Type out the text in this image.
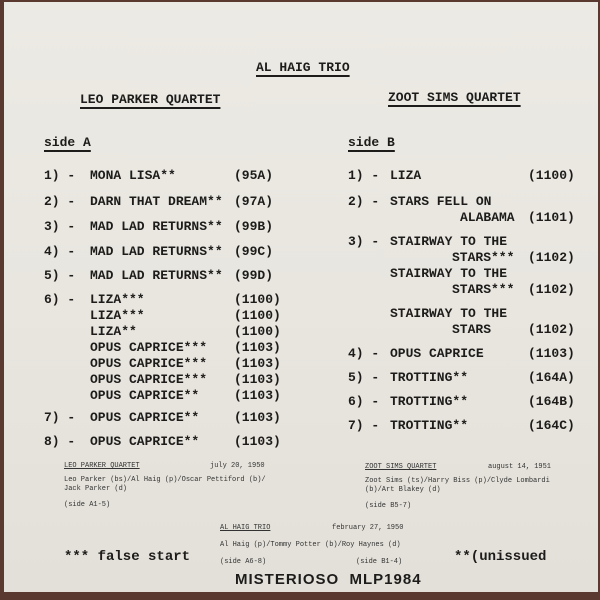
AL HAIG TRIO
LEO PARKER QUARTET	ZOOT SIMS QUARTET
side A	side B
1) - MONA LISA**	(95A)
2) - DARN THAT DREAM** (97A)
3) - MAD LAD RETURNS** (99B)
4) - MAD LAD RETURNS** (99C)
5) - MAD LAD RETURNS** (99D)
6) - LIZA***	(1100)
LIZA***	(1100)
LIZA**	(1100)
OPUS CAPRICE*** (1103)
OPUS CAPRICE*** (1103)
OPUS CAPRICE*** (1103)
OPUS CAPRICE**	(1103)
7) - OPUS CAPRICE**	(1103)
8) - OPUS CAPRICE**	(1103)
1) - LIZA	(1100)
2) - STARS FELL ON
ALABAMA (1101)
3) - STAIRWAY TO THE
STARS*** (1102)
STAIRWAY TO THE
STARS*** (1102)
STAIRWAY TO THE
STARS	(1102)
4) - OPUS CAPRICE	(1103)
5) - TROTTING**	(164A)
6) - TROTTING**	(164B)
7) - TROTTING**	(164C)
LEO PARKER QUARTET	july 20, 1950
Leo Parker (bs)/Al Haig (p)/Oscar Pettiford (b)/
Jack Parker (d)
(side A1-5)
ZOOT SIMS QUARTET	august 14, 1951
Zoot Sims (ts)/Harry Biss (p)/Clyde Lombardi
(b)/Art Blakey (d)
(side B5-7)
AL HAIG TRIO	february 27, 1950
Al Haig (p)/Tommy Potter (b)/Roy Haynes (d)
(side A6-8)	(side B1-4)
*** false start	**(unissued
MISTERIOSO  MLP1984
